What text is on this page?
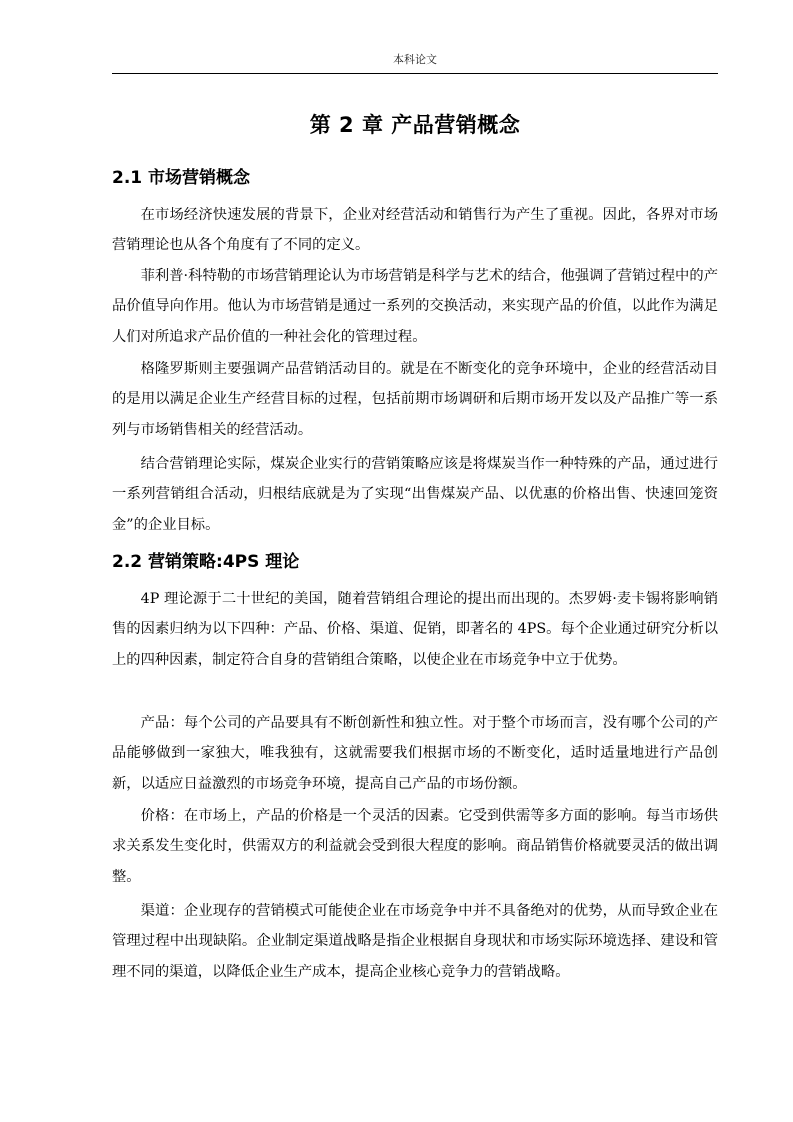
本科论文
第 2 章 产品营销概念
2.1 市场营销概念

在市场经济快速发展的背景下，企业对经营活动和销售行为产生了重视。因此，各界对市场营销理论也从各个角度有了不同的定义。

菲利普·科特勒的市场营销理论认为市场营销是科学与艺术的结合，他强调了营销过程中的产品价值导向作用。他认为市场营销是通过一系列的交换活动，来实现产品的价值，以此作为满足人们对所追求产品价值的一种社会化的管理过程。

格隆罗斯则主要强调产品营销活动目的。就是在不断变化的竞争环境中，企业的经营活动目的是用以满足企业生产经营目标的过程，包括前期市场调研和后期市场开发以及产品推广等一系列与市场销售相关的经营活动。

结合营销理论实际，煤炭企业实行的营销策略应该是将煤炭当作一种特殊的产品，通过进行一系列营销组合活动，归根结底就是为了实现“出售煤炭产品、以优惠的价格出售、快速回笼资金”的企业目标。

2.2 营销策略:4PS 理论

4P 理论源于二十世纪的美国，随着营销组合理论的提出而出现的。杰罗姆·麦卡锡将影响销售的因素归纳为以下四种：产品、价格、渠道、促销，即著名的 4PS。每个企业通过研究分析以上的四种因素，制定符合自身的营销组合策略，以使企业在市场竞争中立于优势。

产品：每个公司的产品要具有不断创新性和独立性。对于整个市场而言，没有哪个公司的产品能够做到一家独大，唯我独有，这就需要我们根据市场的不断变化，适时适量地进行产品创新，以适应日益激烈的市场竞争环境，提高自己产品的市场份额。

价格：在市场上，产品的价格是一个灵活的因素。它受到供需等多方面的影响。每当市场供求关系发生变化时，供需双方的利益就会受到很大程度的影响。商品销售价格就要灵活的做出调整。

渠道：企业现存的营销模式可能使企业在市场竞争中并不具备绝对的优势，从而导致企业在管理过程中出现缺陷。企业制定渠道战略是指企业根据自身现状和市场实际环境选择、建设和管理不同的渠道，以降低企业生产成本，提高企业核心竞争力的营销战略。
